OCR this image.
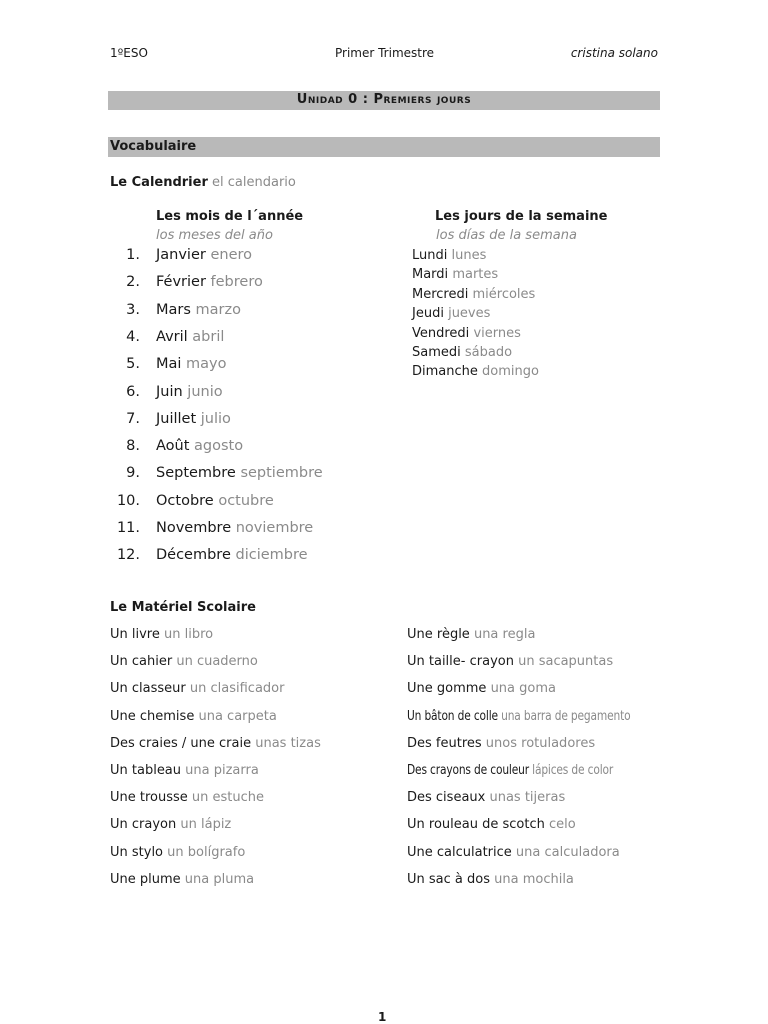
1ºESO	Primer Trimestre	cristina solano
Unidad 0 : Premiers jours
Vocabulaire
Le Calendrier el calendario
Les mois de l´année
los meses del año
1. Janvier enero
2. Février febrero
3. Mars marzo
4. Avril abril
5. Mai mayo
6. Juin junio
7. Juillet julio
8. Août agosto
9. Septembre septiembre
10. Octobre octubre
11. Novembre noviembre
12. Décembre diciembre
Les jours de la semaine
los días de la semana
Lundi lunes
Mardi martes
Mercredi miércoles
Jeudi jueves
Vendredi viernes
Samedi sábado
Dimanche domingo
Le Matériel Scolaire
Un livre un libro
Un cahier un cuaderno
Un classeur un clasificador
Une chemise una carpeta
Des craies / une craie unas tizas
Un tableau una pizarra
Une trousse un estuche
Un crayon un lápiz
Un stylo un bolígrafo
Une plume una pluma
Une règle una regla
Un taille- crayon un sacapuntas
Une gomme una goma
Un bâton de colle una barra de pegamento
Des feutres unos rotuladores
Des crayons de couleur lápices de color
Des ciseaux unas tijeras
Un rouleau de scotch celo
Une calculatrice una calculadora
Un sac à dos una mochila
1
